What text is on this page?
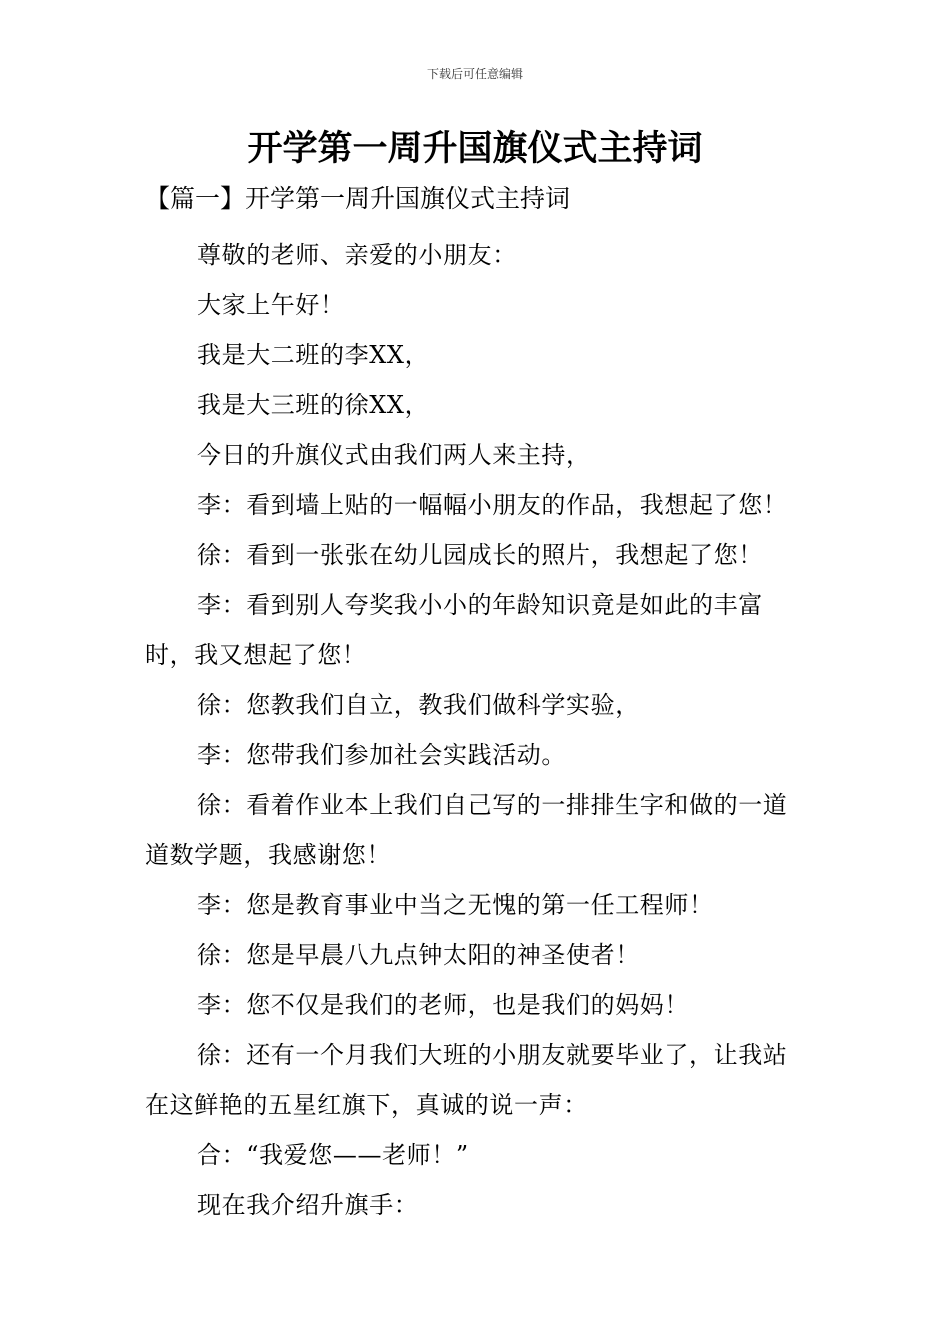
下载后可任意编辑
开学第一周升国旗仪式主持词
【篇一】开学第一周升国旗仪式主持词

尊敬的老师、亲爱的小朋友：

大家上午好！

我是大二班的李XX，

我是大三班的徐XX，

今日的升旗仪式由我们两人来主持，

李：看到墙上贴的一幅幅小朋友的作品，我想起了您！

徐：看到一张张在幼儿园成长的照片，我想起了您！

李：看到别人夸奖我小小的年龄知识竟是如此的丰富时，我又想起了您！

徐：您教我们自立，教我们做科学实验，

李：您带我们参加社会实践活动。

徐：看着作业本上我们自己写的一排排生字和做的一道道数学题，我感谢您！

李：您是教育事业中当之无愧的第一任工程师！

徐：您是早晨八九点钟太阳的神圣使者！

李：您不仅是我们的老师，也是我们的妈妈！

徐：还有一个月我们大班的小朋友就要毕业了，让我站在这鲜艳的五星红旗下，真诚的说一声：

合：“我爱您——老师！”

现在我介绍升旗手：
